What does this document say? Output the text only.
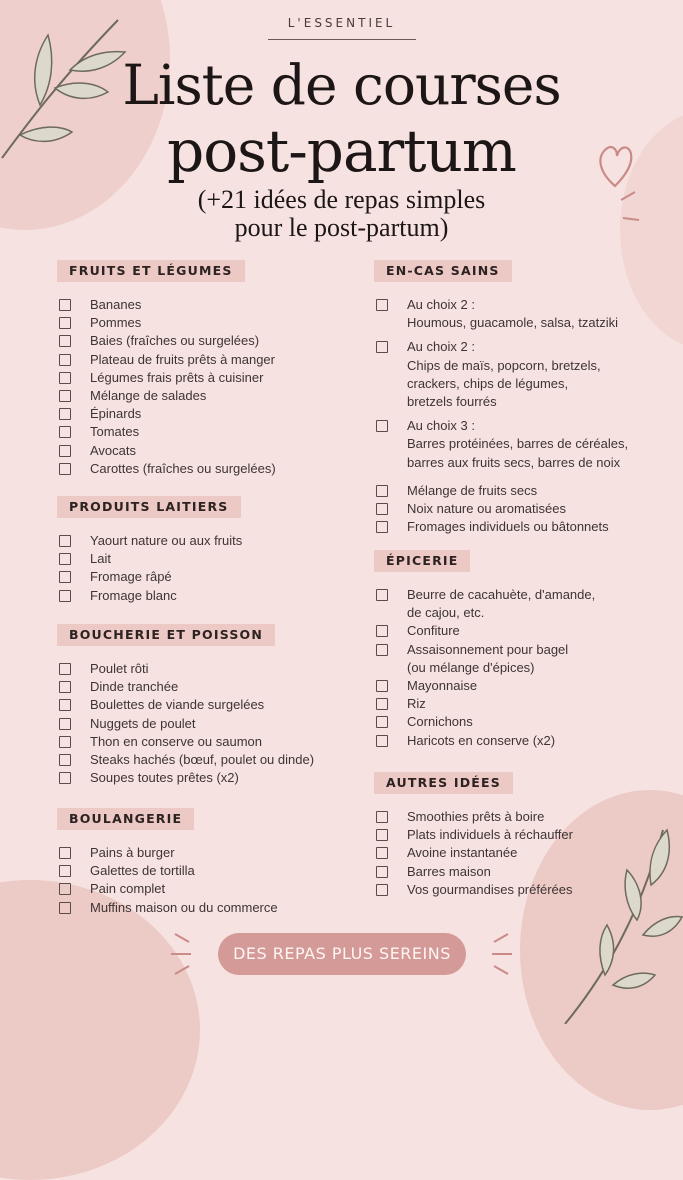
L'ESSENTIEL
Liste de courses
post-partum
(+21 idées de repas simples
pour le post-partum)
FRUITS ET LÉGUMES
Bananes
Pommes
Baies (fraîches ou surgelées)
Plateau de fruits prêts à manger
Légumes frais prêts à cuisiner
Mélange de salades
Épinards
Tomates
Avocats
Carottes (fraîches ou surgelées)
PRODUITS LAITIERS
Yaourt nature ou aux fruits
Lait
Fromage râpé
Fromage blanc
BOUCHERIE ET POISSON
Poulet rôti
Dinde tranchée
Boulettes de viande surgelées
Nuggets de poulet
Thon en conserve ou saumon
Steaks hachés (bœuf, poulet ou dinde)
Soupes toutes prêtes (x2)
BOULANGERIE
Pains à burger
Galettes de tortilla
Pain complet
Muffins maison ou du commerce
EN-CAS SAINS
Au choix 2 :
Houmous, guacamole, salsa, tzatziki
Au choix 2 :
Chips de maïs, popcorn, bretzels,
crackers, chips de légumes,
bretzels fourrés
Au choix 3 :
Barres protéinées, barres de céréales,
barres aux fruits secs, barres de noix
Mélange de fruits secs
Noix nature ou aromatisées
Fromages individuels ou bâtonnets
ÉPICERIE
Beurre de cacahuète, d'amande,
de cajou, etc.
Confiture
Assaisonnement pour bagel
(ou mélange d'épices)
Mayonnaise
Riz
Cornichons
Haricots en conserve (x2)
AUTRES IDÉES
Smoothies prêts à boire
Plats individuels à réchauffer
Avoine instantanée
Barres maison
Vos gourmandises préférées
DES REPAS PLUS SEREINS
